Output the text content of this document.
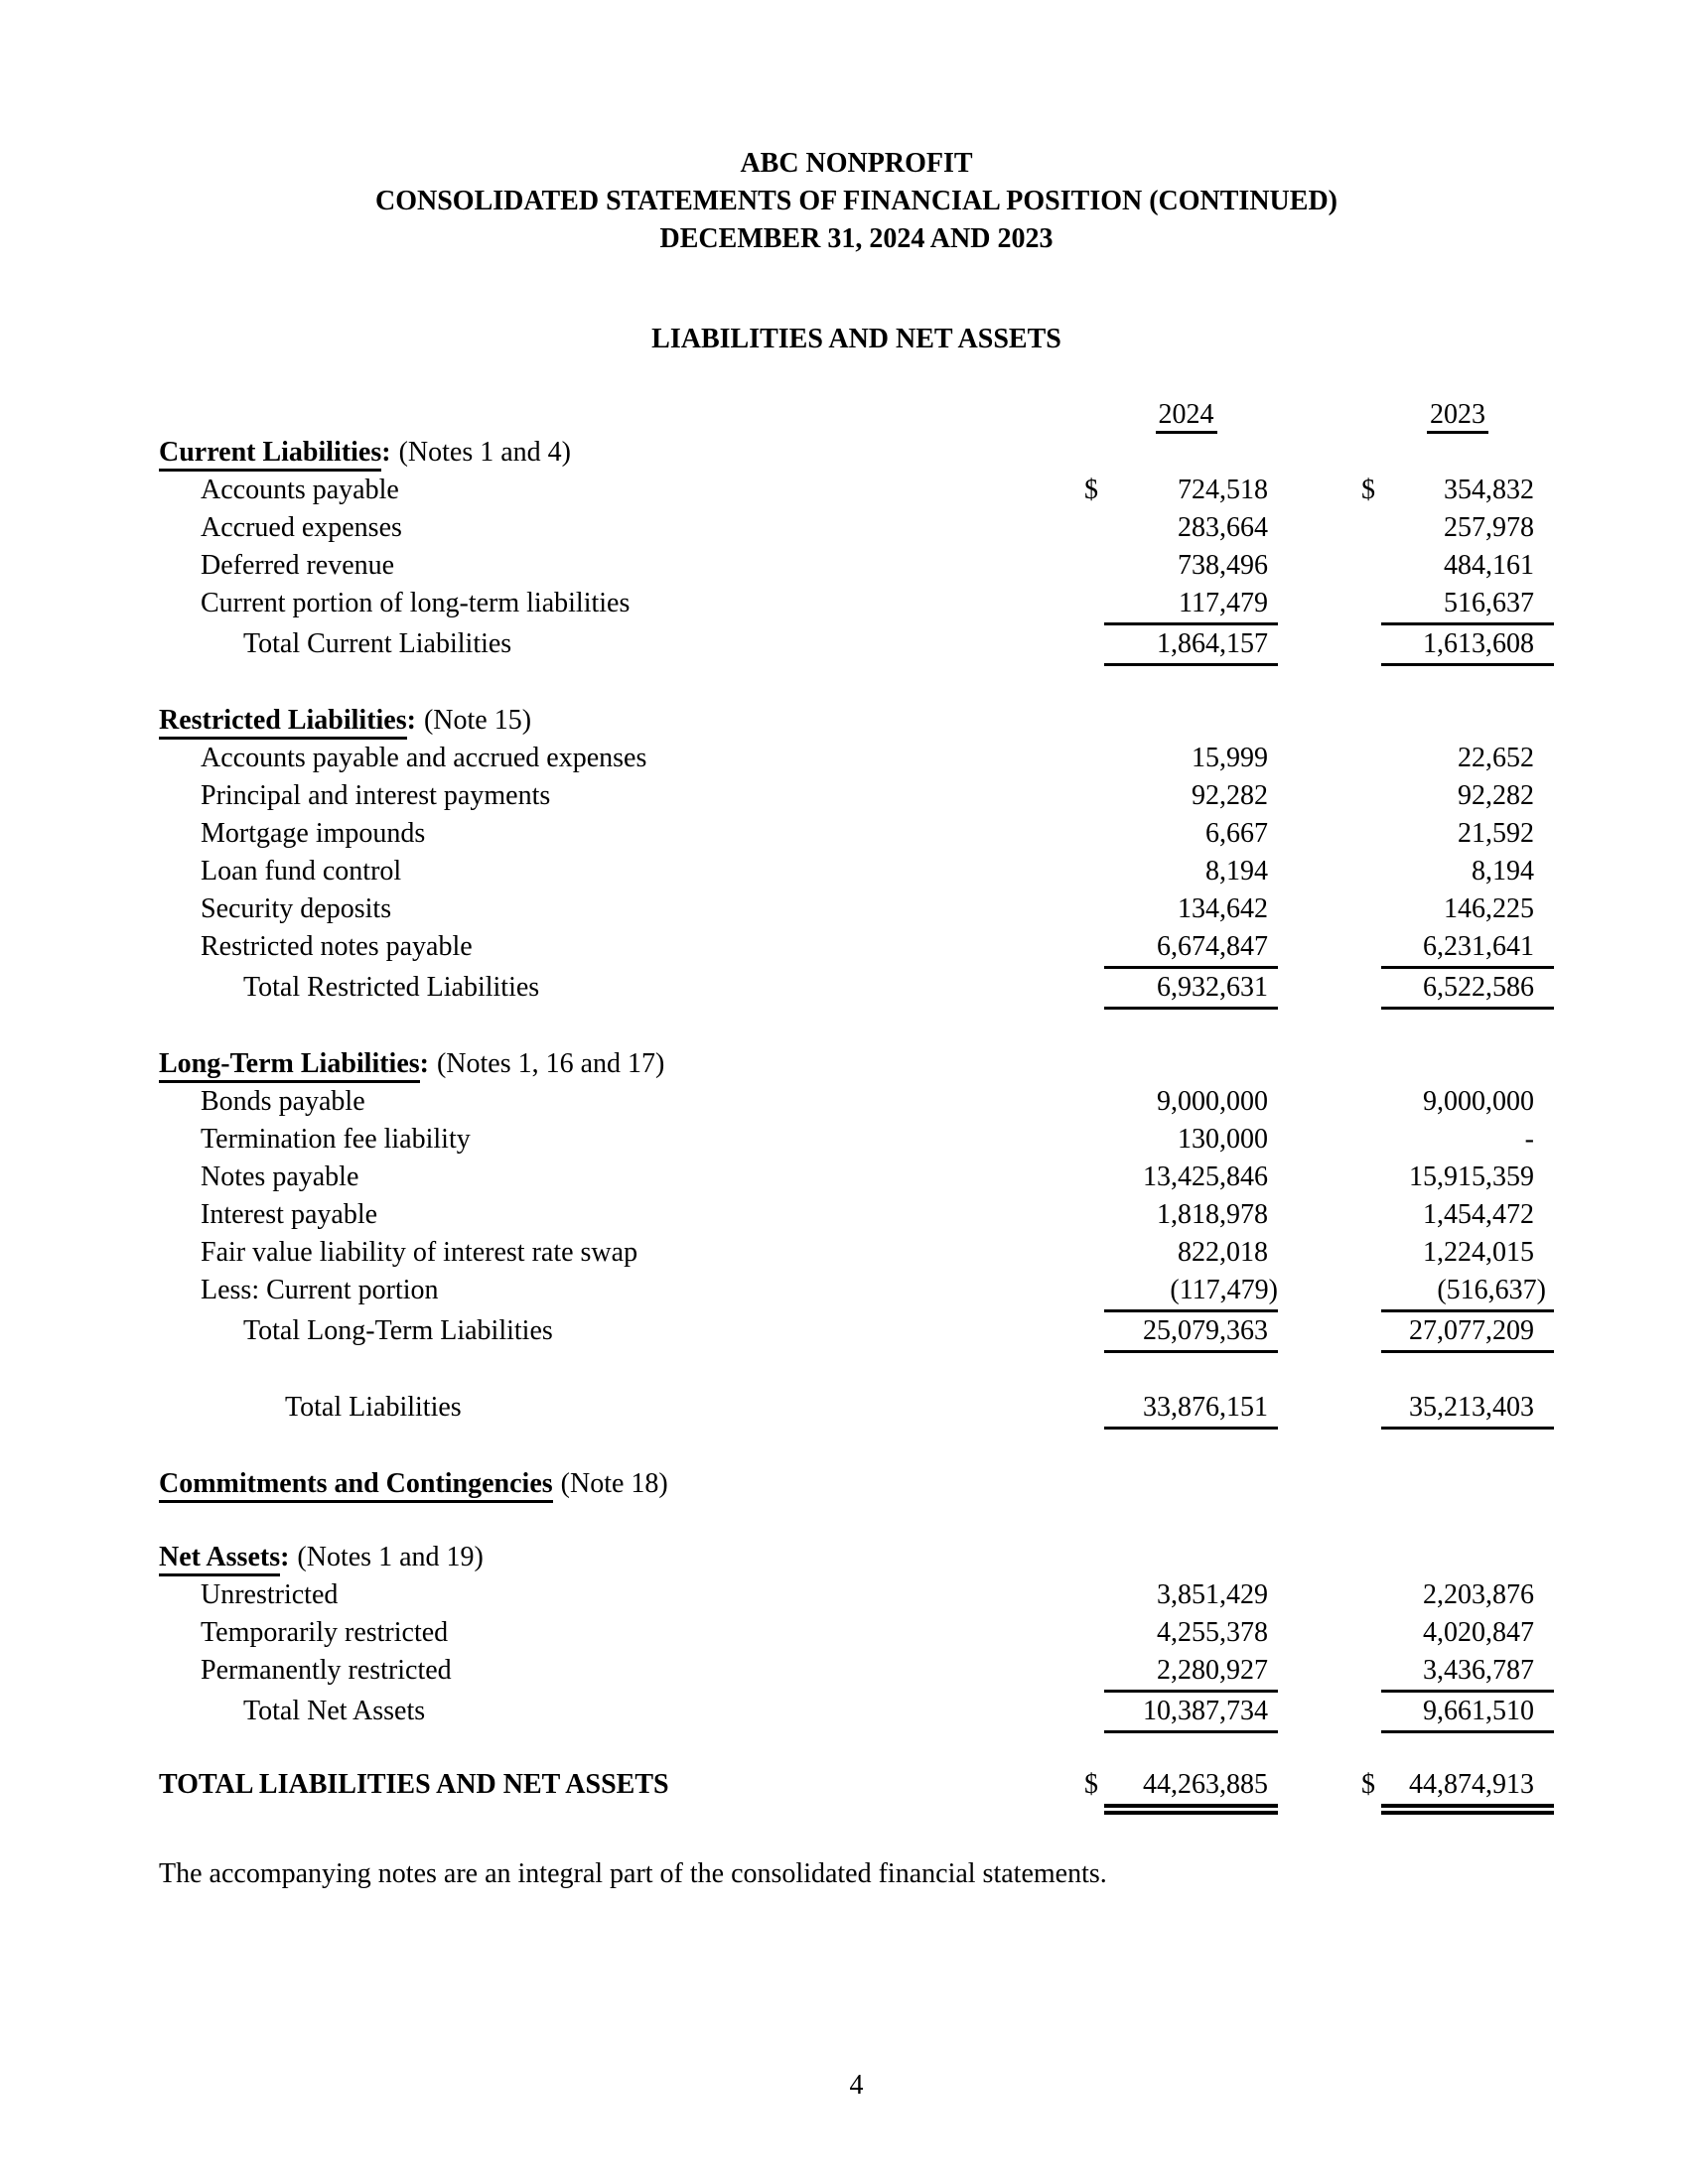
ABC NONPROFIT
CONSOLIDATED STATEMENTS OF FINANCIAL POSITION (CONTINUED)
DECEMBER 31, 2024 AND 2023
LIABILITIES AND NET ASSETS
2024	2023
Current Liabilities: (Notes 1 and 4)
Accounts payable	$	724,518	$	354,832
Accrued expenses	283,664	257,978
Deferred revenue	738,496	484,161
Current portion of long-term liabilities	117,479	516,637
Total Current Liabilities	1,864,157	1,613,608
Restricted Liabilities: (Note 15)
Accounts payable and accrued expenses	15,999	22,652
Principal and interest payments	92,282	92,282
Mortgage impounds	6,667	21,592
Loan fund control	8,194	8,194
Security deposits	134,642	146,225
Restricted notes payable	6,674,847	6,231,641
Total Restricted Liabilities	6,932,631	6,522,586
Long-Term Liabilities: (Notes 1, 16 and 17)
Bonds payable	9,000,000	9,000,000
Termination fee liability	130,000	-
Notes payable	13,425,846	15,915,359
Interest payable	1,818,978	1,454,472
Fair value liability of interest rate swap	822,018	1,224,015
Less: Current portion	(117,479)	(516,637)
Total Long-Term Liabilities	25,079,363	27,077,209
Total Liabilities	33,876,151	35,213,403
Commitments and Contingencies (Note 18)
Net Assets: (Notes 1 and 19)
Unrestricted	3,851,429	2,203,876
Temporarily restricted	4,255,378	4,020,847
Permanently restricted	2,280,927	3,436,787
Total Net Assets	10,387,734	9,661,510
TOTAL LIABILITIES AND NET ASSETS	$	44,263,885	$	44,874,913
The accompanying notes are an integral part of the consolidated financial statements.
4
